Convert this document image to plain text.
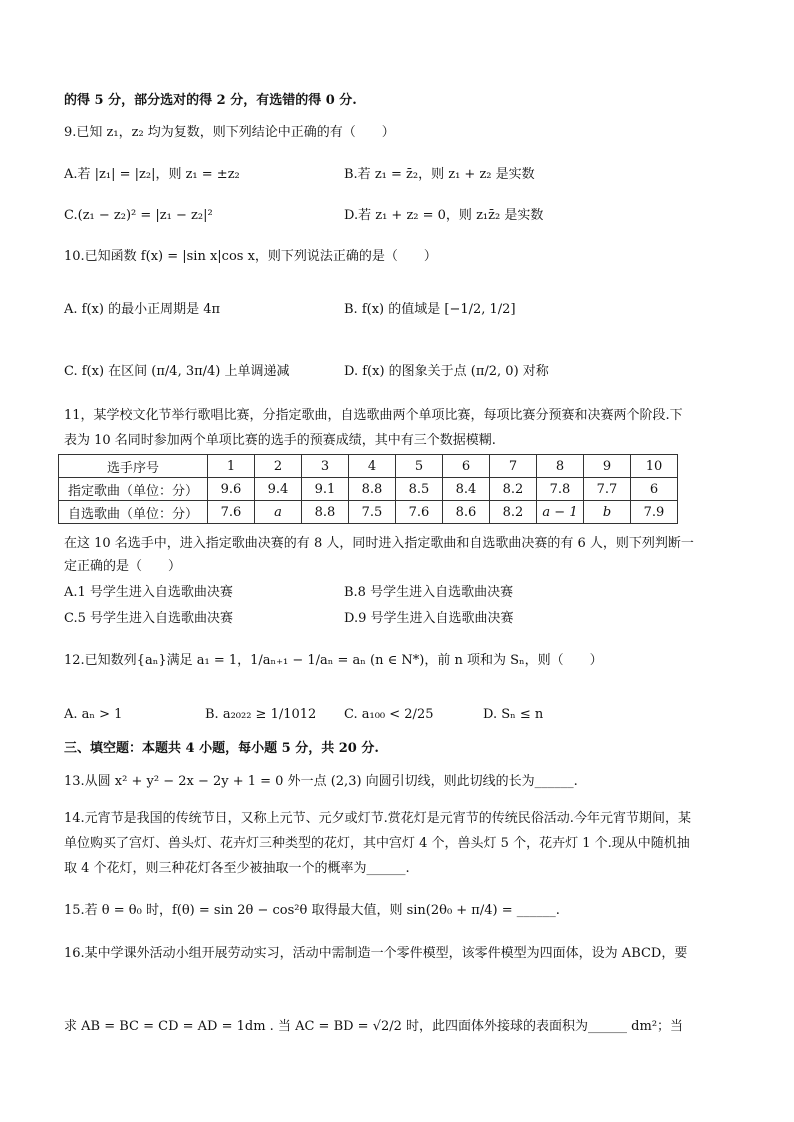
的得 5 分，部分选对的得 2 分，有选错的得 0 分.
9.已知 z₁，z₂ 均为复数，则下列结论中正确的有（　　）
A.若 |z₁| = |z₂|，则 z₁ = ±z₂	B.若 z₁ = z̄₂，则 z₁ + z₂ 是实数
C.(z₁ − z₂)² = |z₁ − z₂|²	D.若 z₁ + z₂ = 0，则 z₁z̄₂ 是实数
10.已知函数 f(x) = |sin x|cos x，则下列说法正确的是（　　）
A. f(x) 的最小正周期是 4π	B. f(x) 的值域是 [−1/2, 1/2]
C. f(x) 在区间 (π/4, 3π/4) 上单调递减	D. f(x) 的图象关于点 (π/2, 0) 对称
11，某学校文化节举行歌唱比赛，分指定歌曲，自选歌曲两个单项比赛，每项比赛分预赛和决赛两个阶段.下
表为 10 名同时参加两个单项比赛的选手的预赛成绩，其中有三个数据模糊.
选手序号	1	2	3	4	5	6	7	8	9	10
指定歌曲（单位：分）	9.6	9.4	9.1	8.8	8.5	8.4	8.2	7.8	7.7	6
自选歌曲（单位：分）	7.6	a	8.8	7.5	7.6	8.6	8.2	a − 1	b	7.9
在这 10 名选手中，进入指定歌曲决赛的有 8 人，同时进入指定歌曲和自选歌曲决赛的有 6 人，则下列判断一
定正确的是（　　）
A.1 号学生进入自选歌曲决赛	B.8 号学生进入自选歌曲决赛
C.5 号学生进入自选歌曲决赛	D.9 号学生进入自选歌曲决赛
12.已知数列{aₙ}满足 a₁ = 1，1/aₙ₊₁ − 1/aₙ = aₙ (n ∈ N*)，前 n 项和为 Sₙ，则（　　）
A. aₙ > 1	B. a₂₀₂₂ ≥ 1/1012 C. a₁₀₀ < 2/25	D. Sₙ ≤ n
三、填空题：本题共 4 小题，每小题 5 分，共 20 分.
13.从圆 x² + y² − 2x − 2y + 1 = 0 外一点 (2,3) 向圆引切线，则此切线的长为______.
14.元宵节是我国的传统节日，又称上元节、元夕或灯节.赏花灯是元宵节的传统民俗活动.今年元宵节期间，某
单位购买了宫灯、兽头灯、花卉灯三种类型的花灯，其中宫灯 4 个，兽头灯 5 个，花卉灯 1 个.现从中随机抽
取 4 个花灯，则三种花灯各至少被抽取一个的概率为______.
15.若 θ = θ₀ 时，f(θ) = sin 2θ − cos²θ 取得最大值，则 sin(2θ₀ + π/4) = ______.
16.某中学课外活动小组开展劳动实习，活动中需制造一个零件模型，该零件模型为四面体，设为 ABCD，要
求 AB = BC = CD = AD = 1dm . 当 AC = BD = √2/2 时，此四面体外接球的表面积为______ dm²；当
